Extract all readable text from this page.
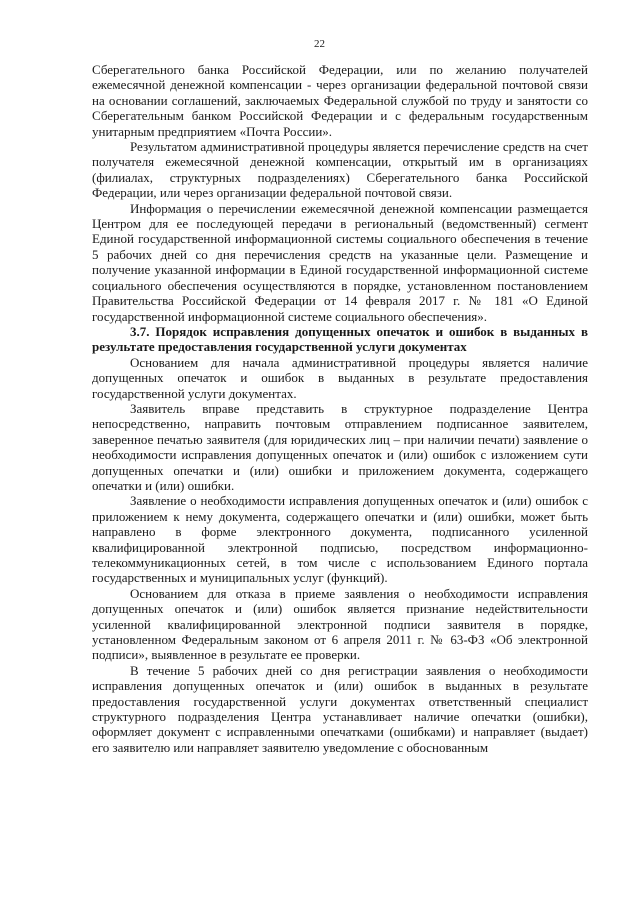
22

Сберегательного банка Российской Федерации, или по желанию получателей ежемесячной денежной компенсации - через организации федеральной почтовой связи на основании соглашений, заключаемых Федеральной службой по труду и занятости со Сберегательным банком Российской Федерации и с федеральным государственным унитарным предприятием «Почта России».

Результатом административной процедуры является перечисление средств на счет получателя ежемесячной денежной компенсации, открытый им в организациях (филиалах, структурных подразделениях) Сберегательного банка Российской Федерации, или через организации федеральной почтовой связи.

Информация о перечислении ежемесячной денежной компенсации размещается Центром для ее последующей передачи в региональный (ведомственный) сегмент Единой государственной информационной системы социального обеспечения в течение 5 рабочих дней со дня перечисления средств на указанные цели. Размещение и получение указанной информации в Единой государственной информационной системе социального обеспечения осуществляются в порядке, установленном постановлением Правительства Российской Федерации от 14 февраля 2017 г. № 181 «О Единой государственной информационной системе социального обеспечения».

3.7. Порядок исправления допущенных опечаток и ошибок в выданных в результате предоставления государственной услуги документах

Основанием для начала административной процедуры является наличие допущенных опечаток и ошибок в выданных в результате предоставления государственной услуги документах.

Заявитель вправе представить в структурное подразделение Центра непосредственно, направить почтовым отправлением подписанное заявителем, заверенное печатью заявителя (для юридических лиц – при наличии печати) заявление о необходимости исправления допущенных опечаток и (или) ошибок с изложением сути допущенных опечатки и (или) ошибки и приложением документа, содержащего опечатки и (или) ошибки.

Заявление о необходимости исправления допущенных опечаток и (или) ошибок с приложением к нему документа, содержащего опечатки и (или) ошибки, может быть направлено в форме электронного документа, подписанного усиленной квалифицированной электронной подписью, посредством информационно-телекоммуникационных сетей, в том числе с использованием Единого портала государственных и муниципальных услуг (функций).

Основанием для отказа в приеме заявления о необходимости исправления допущенных опечаток и (или) ошибок является признание недействительности усиленной квалифицированной электронной подписи заявителя в порядке, установленном Федеральным законом от 6 апреля 2011 г. № 63-ФЗ «Об электронной подписи», выявленное в результате ее проверки.

В течение 5 рабочих дней со дня регистрации заявления о необходимости исправления допущенных опечаток и (или) ошибок в выданных в результате предоставления государственной услуги документах ответственный специалист структурного подразделения Центра устанавливает наличие опечатки (ошибки), оформляет документ с исправленными опечатками (ошибками) и направляет (выдает) его заявителю или направляет заявителю уведомление с обоснованным
